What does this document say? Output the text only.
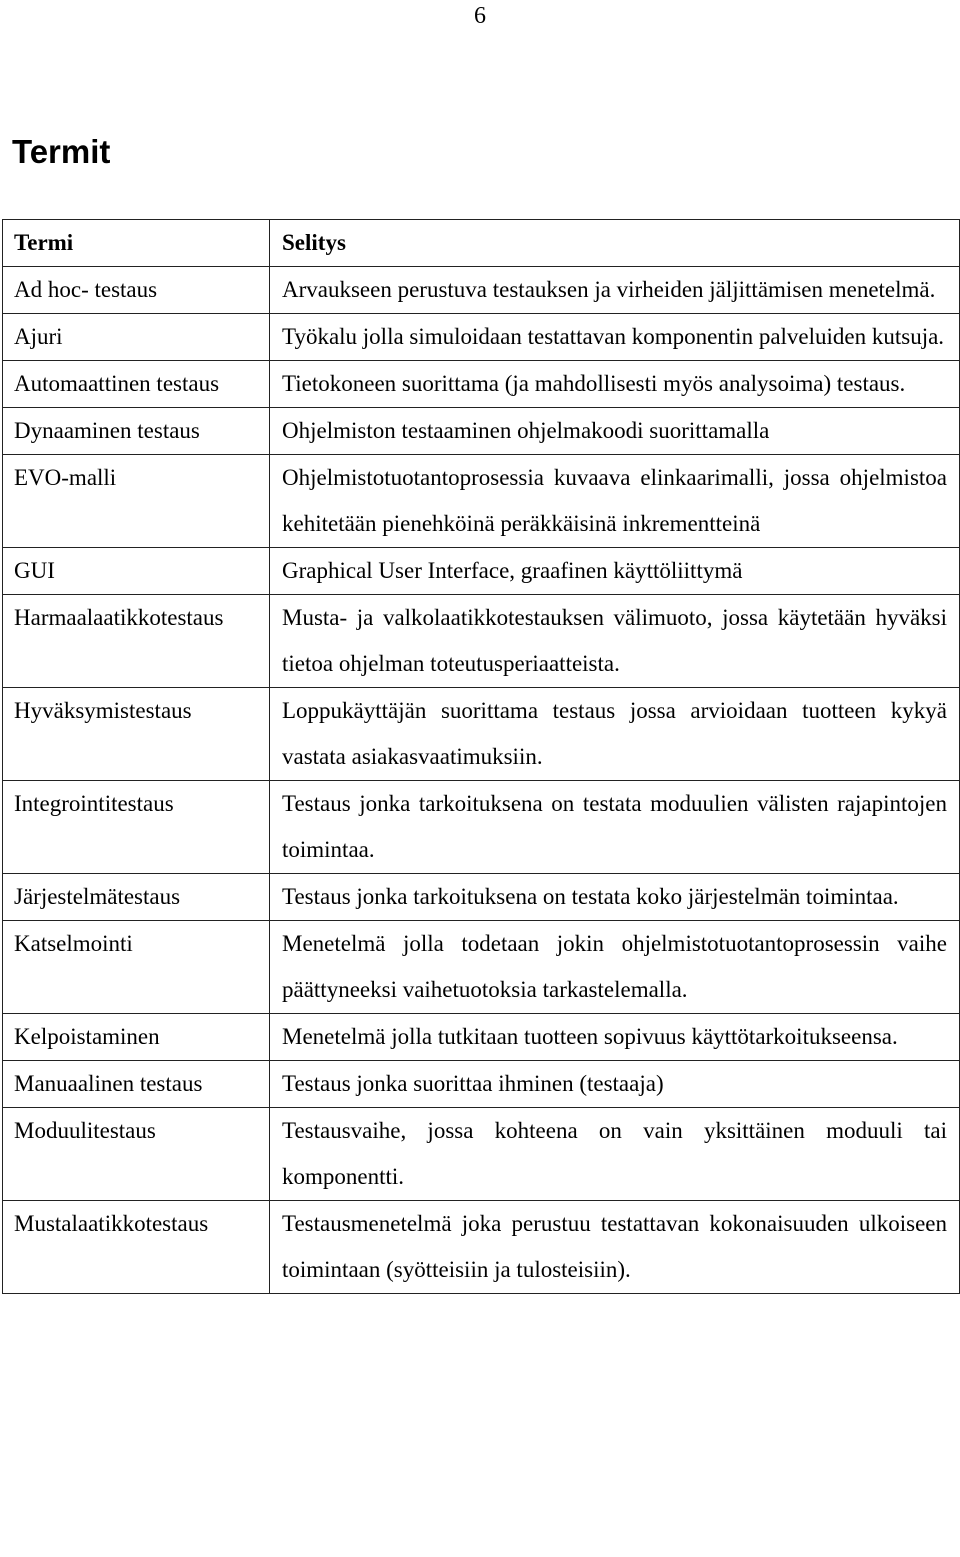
6
Termit
Termi	Selitys
Ad hoc- testaus	Arvaukseen perustuva testauksen ja virheiden jäljittämisen menetelmä.
Ajuri	Työkalu jolla simuloidaan testattavan komponentin palveluiden kutsuja.
Automaattinen testaus	Tietokoneen suorittama (ja mahdollisesti myös analysoima) testaus.
Dynaaminen testaus	Ohjelmiston testaaminen ohjelmakoodi suorittamalla
EVO-malli	Ohjelmistotuotantoprosessia kuvaava elinkaarimalli, jossa ohjelmistoa kehitetään pienehköinä peräkkäisinä inkrementteinä
GUI	Graphical User Interface, graafinen käyttöliittymä
Harmaalaatikkotestaus	Musta- ja valkolaatikkotestauksen välimuoto, jossa käytetään hyväksi tietoa ohjelman toteutusperiaatteista.
Hyväksymistestaus	Loppukäyttäjän suorittama testaus jossa arvioidaan tuotteen kykyä vastata asiakasvaatimuksiin.
Integrointitestaus	Testaus jonka tarkoituksena on testata moduulien välisten rajapintojen toimintaa.
Järjestelmätestaus	Testaus jonka tarkoituksena on testata koko järjestelmän toimintaa.
Katselmointi	Menetelmä jolla todetaan jokin ohjelmistotuotantoprosessin vaihe päättyneeksi vaihetuotoksia tarkastelemalla.
Kelpoistaminen	Menetelmä jolla tutkitaan tuotteen sopivuus käyttötarkoitukseensa.
Manuaalinen testaus	Testaus jonka suorittaa ihminen (testaaja)
Moduulitestaus	Testausvaihe, jossa kohteena on vain yksittäinen moduuli tai komponentti.
Mustalaatikkotestaus	Testausmenetelmä joka perustuu testattavan kokonaisuuden ulkoiseen toimintaan (syötteisiin ja tulosteisiin).
